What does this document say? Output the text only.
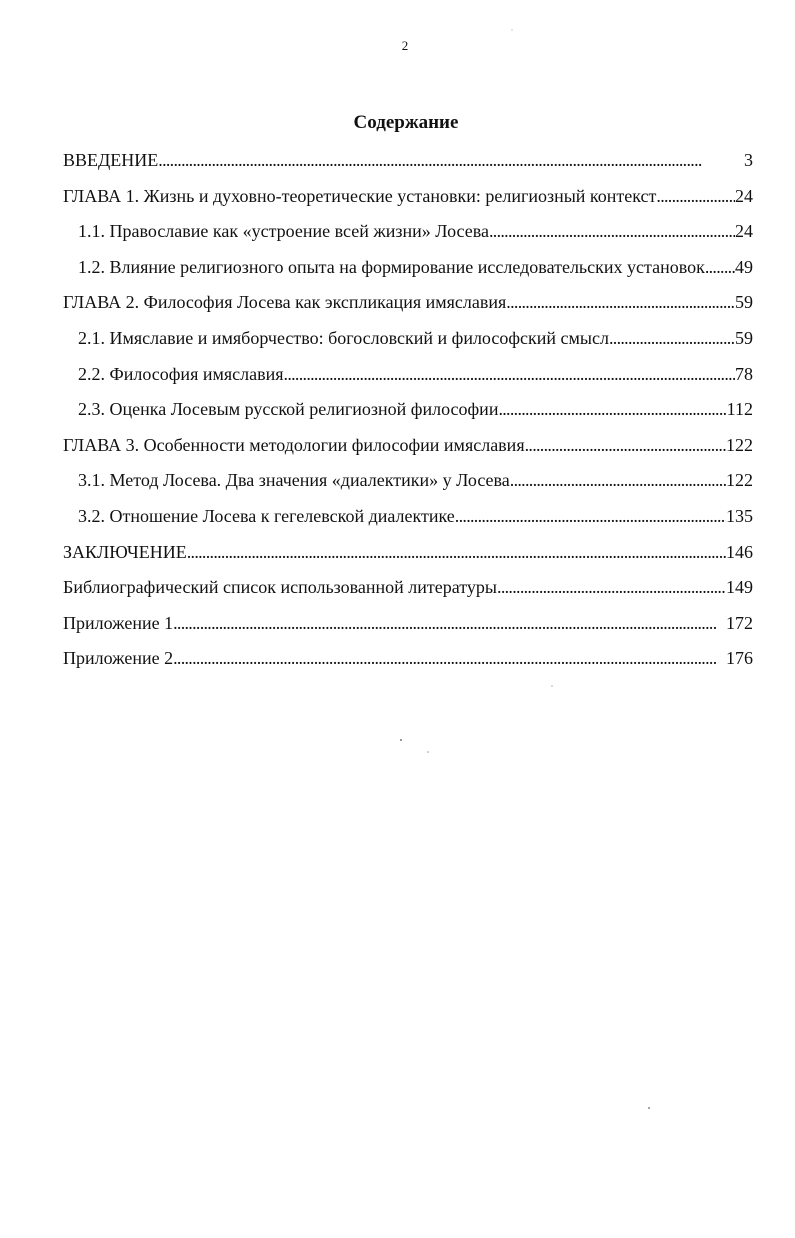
2
Содержание
ВВЕДЕНИЕ . . .	3
ГЛАВА 1. Жизнь и духовно-теоретические установки: религиозный контекст . . .	24
1.1. Православие как «устроение всей жизни» Лосева . . .	24
1.2. Влияние религиозного опыта на формирование исследовательских установок . . . 49
ГЛАВА 2. Философия Лосева как экспликация имяславия . . .	59
2.1. Имяславие и имяборчество: богословский и философский смысл . . .	59
2.2. Философия имяславия . . .	78
2.3. Оценка Лосевым русской религиозной философии . . .	112
ГЛАВА 3. Особенности методологии философии имяславия . . .	122
3.1. Метод Лосева. Два значения «диалектики» у Лосева . . .	122
3.2. Отношение Лосева к гегелевской диалектике . . .	135
ЗАКЛЮЧЕНИЕ . . .	146
Библиографический список использованной литературы . . .	149
Приложение 1 . . .	172
Приложение 2 . . .	176
